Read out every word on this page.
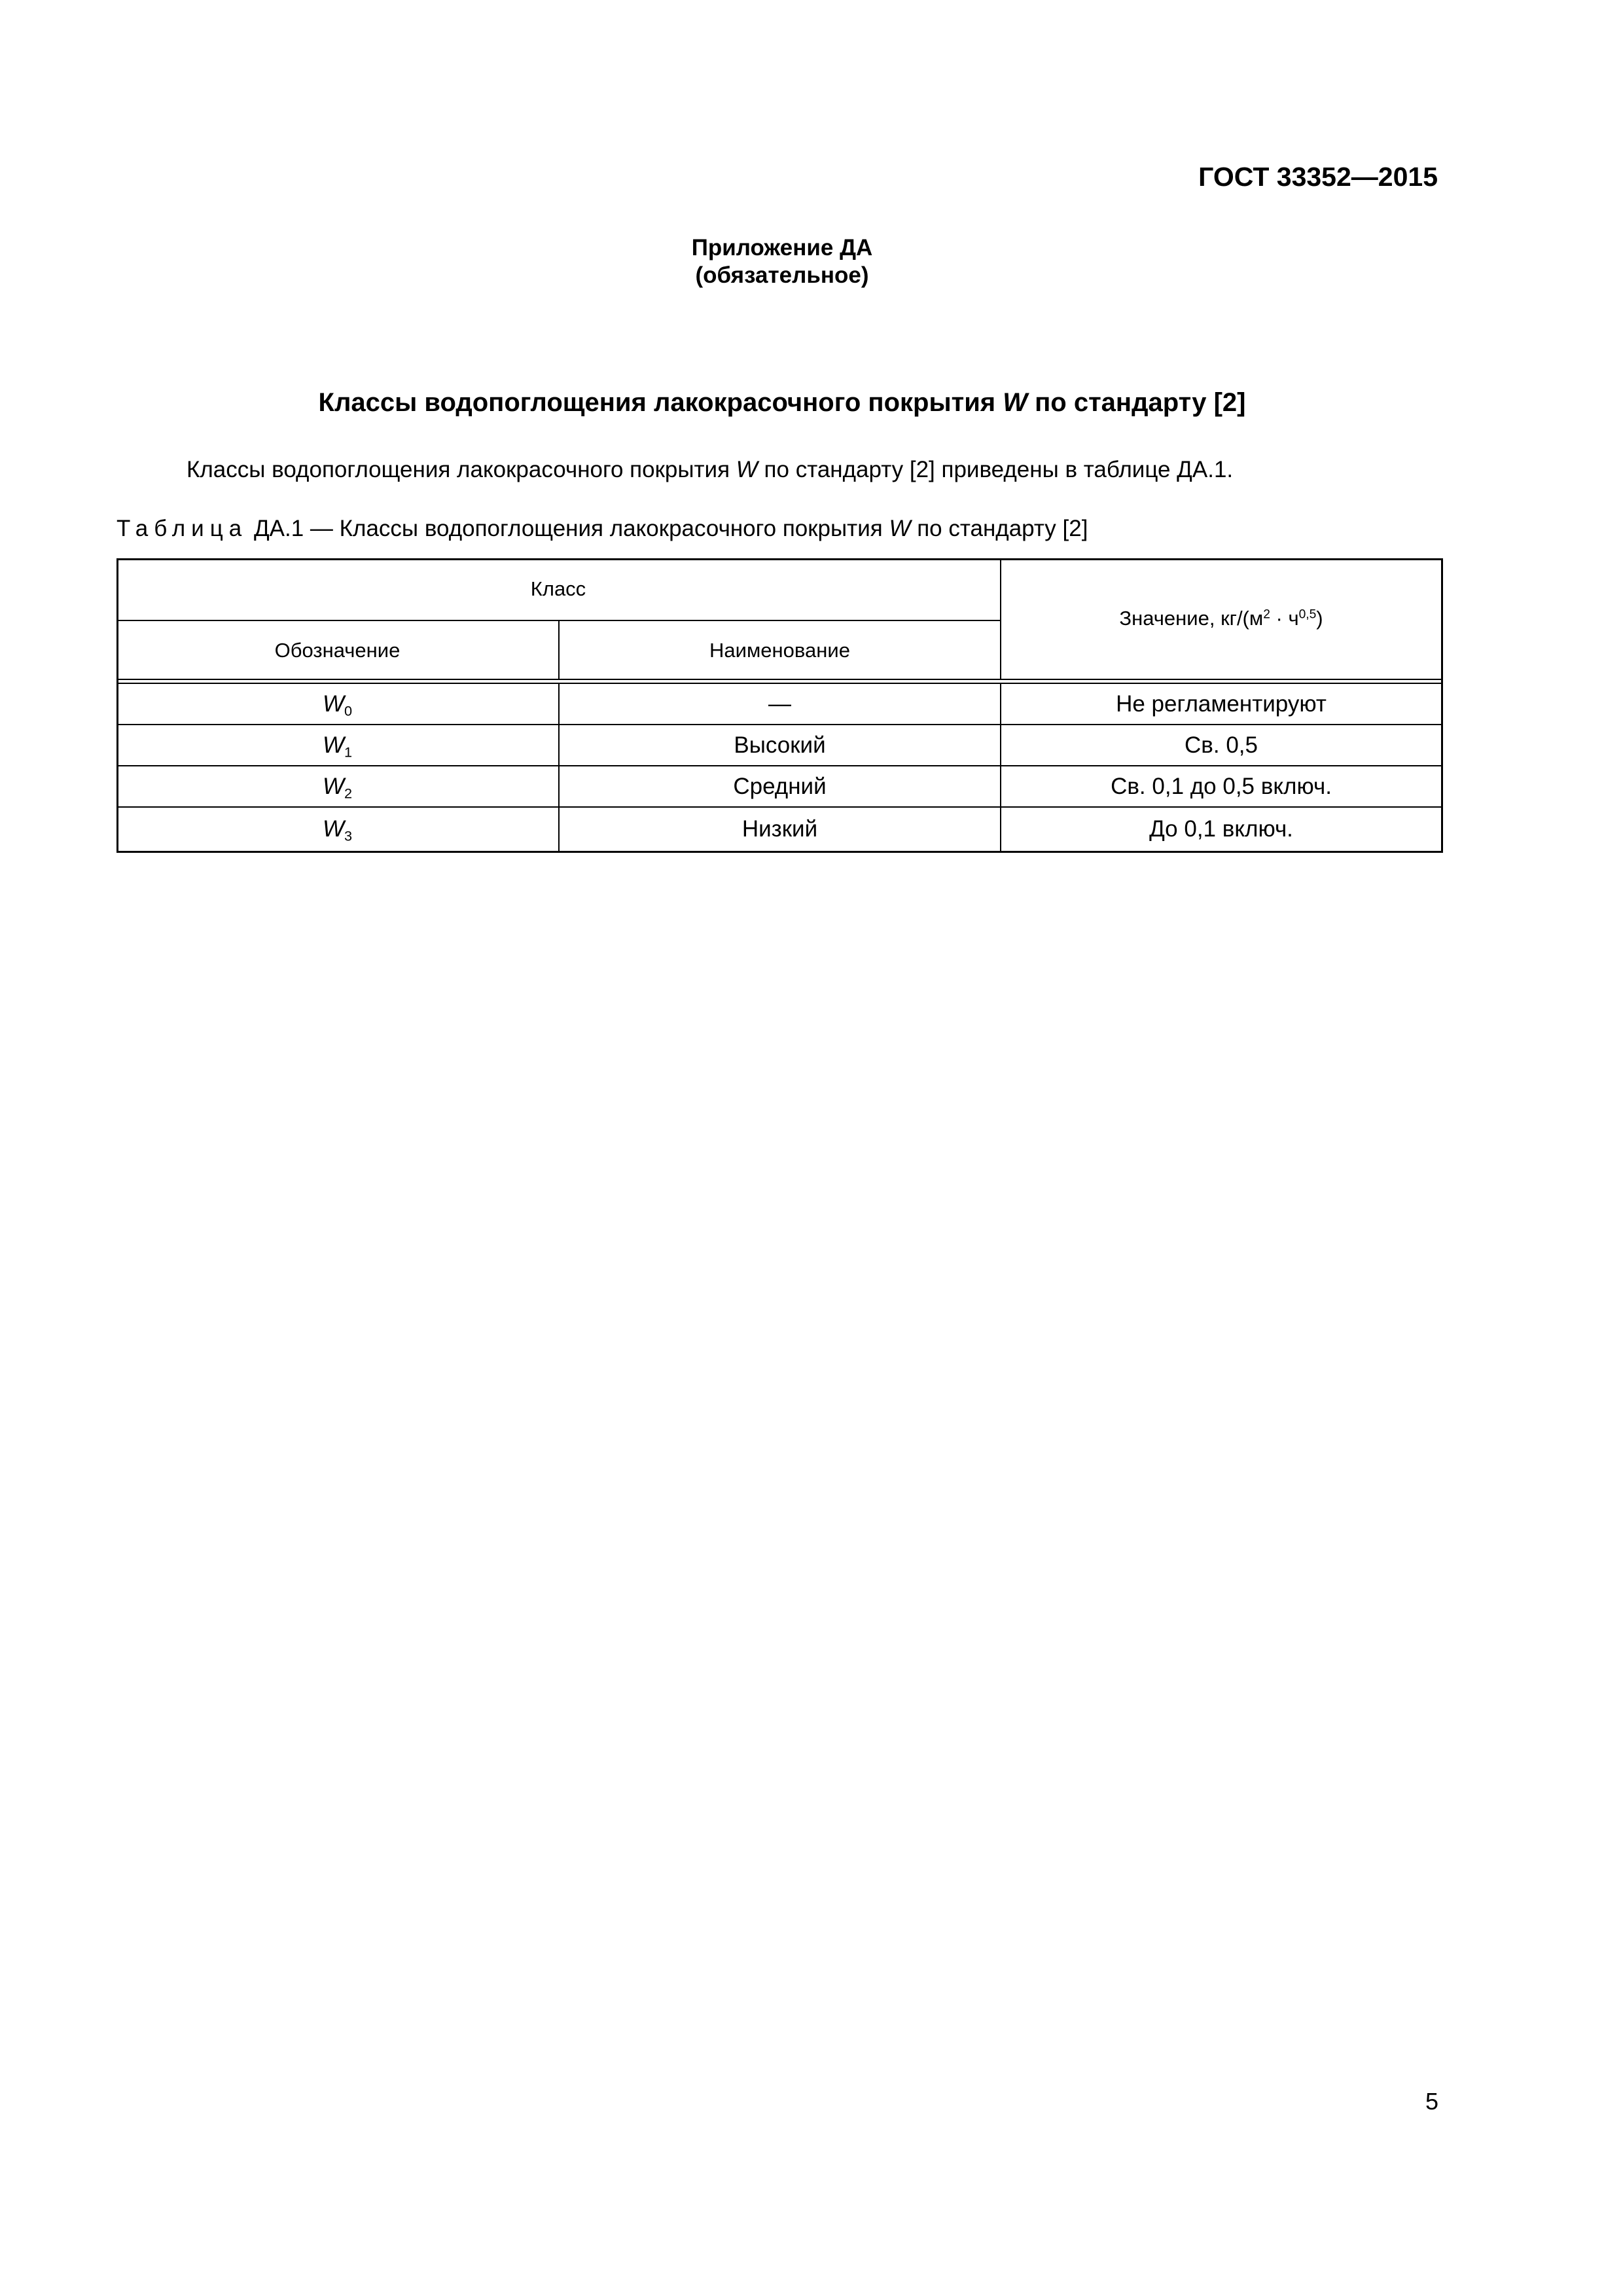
ГОСТ 33352—2015
Приложение ДА
(обязательное)
Классы водопоглощения лакокрасочного покрытия W по стандарту [2]
Классы водопоглощения лакокрасочного покрытия W по стандарту [2] приведены в таблице ДА.1.
Таблица ДА.1 — Классы водопоглощения лакокрасочного покрытия W по стандарту [2]
Класс
Обозначение	Наименование
Значение, $кг/(м^2 \cdot ч^{0,5})$
$W_0$	—	Не регламентируют
$W_1$	Высокий	Св. 0,5
$W_2$	Средний	Св. 0,1 до 0,5 включ.
$W_3$	Низкий	До 0,1 включ.
5
